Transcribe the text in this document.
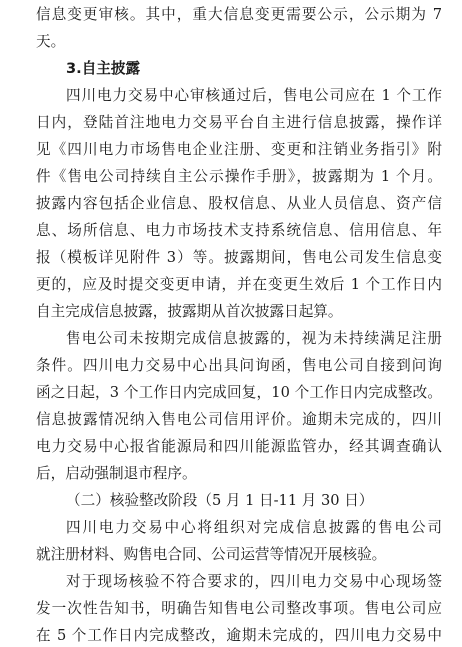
信息变更审核。其中，重大信息变更需要公示，公示期为 7
天。
3.自主披露
四川电力交易中心审核通过后，售电公司应在 1 个工作
日内，登陆首注地电力交易平台自主进行信息披露，操作详
见《四川电力市场售电企业注册、变更和注销业务指引》附
件《售电公司持续自主公示操作手册》，披露期为 1 个月。
披露内容包括企业信息、股权信息、从业人员信息、资产信
息、场所信息、电力市场技术支持系统信息、信用信息、年
报（模板详见附件 3）等。披露期间，售电公司发生信息变
更的，应及时提交变更申请，并在变更生效后 1 个工作日内
自主完成信息披露，披露期从首次披露日起算。
售电公司未按期完成信息披露的，视为未持续满足注册
条件。四川电力交易中心出具问询函，售电公司自接到问询
函之日起，3 个工作日内完成回复，10 个工作日内完成整改。
信息披露情况纳入售电公司信用评价。逾期未完成的，四川
电力交易中心报省能源局和四川能源监管办，经其调查确认
后，启动强制退市程序。
（二）核验整改阶段（5 月 1 日-11 月 30 日）
四川电力交易中心将组织对完成信息披露的售电公司
就注册材料、购售电合同、公司运营等情况开展核验。
对于现场核验不符合要求的，四川电力交易中心现场签
发一次性告知书，明确告知售电公司整改事项。售电公司应
在 5 个工作日内完成整改，逾期未完成的，四川电力交易中
